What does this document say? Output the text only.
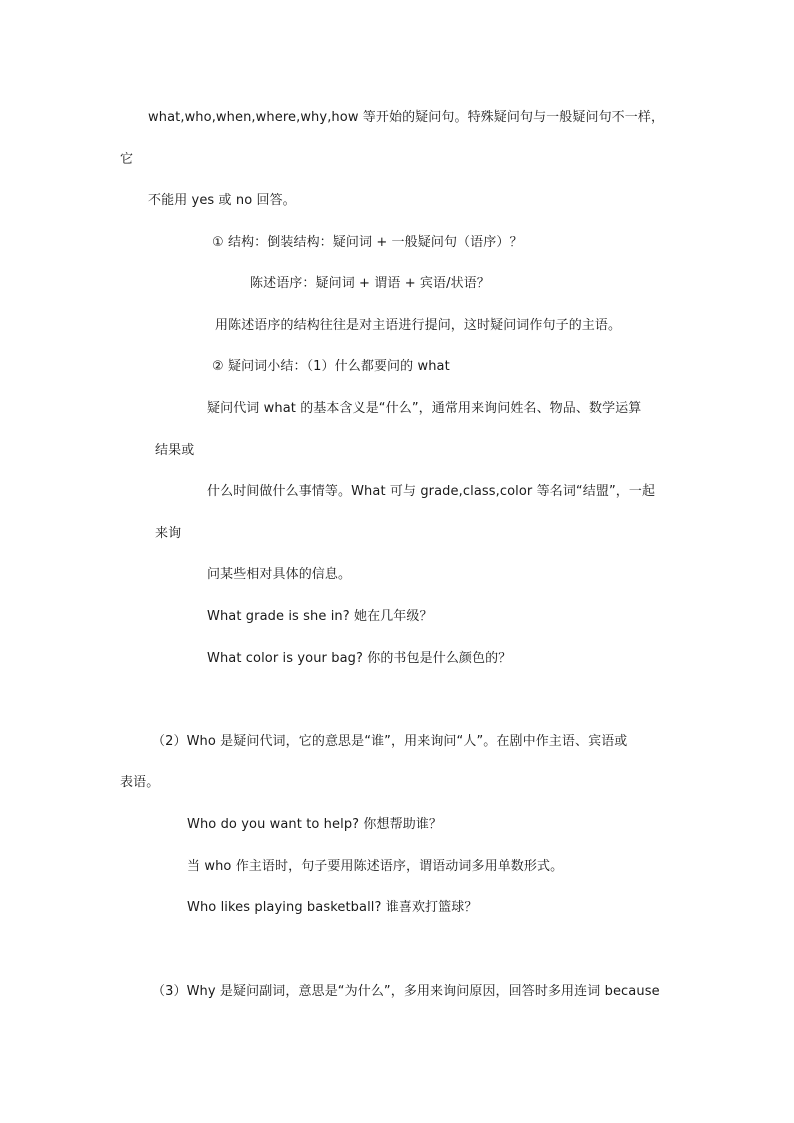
what,who,when,where,why,how 等开始的疑问句。特殊疑问句与一般疑问句不一样，
它
不能用 yes 或 no 回答。
① 结构：倒装结构：疑问词 + 一般疑问句（语序）？
陈述语序：疑问词 + 谓语 + 宾语/状语？
用陈述语序的结构往往是对主语进行提问，这时疑问词作句子的主语。
② 疑问词小结：（1）什么都要问的 what
疑问代词 what 的基本含义是“什么”，通常用来询问姓名、物品、数学运算
结果或
什么时间做什么事情等。What 可与 grade,class,color 等名词“结盟”，一起
来询
问某些相对具体的信息。
What grade is she in? 她在几年级？
What color is your bag? 你的书包是什么颜色的？
（2）Who 是疑问代词，它的意思是“谁”，用来询问“人”。在剧中作主语、宾语或
表语。
Who do you want to help? 你想帮助谁？
当 who 作主语时，句子要用陈述语序，谓语动词多用单数形式。
Who likes playing basketball? 谁喜欢打篮球？
（3）Why 是疑问副词，意思是“为什么”，多用来询问原因，回答时多用连词 because
